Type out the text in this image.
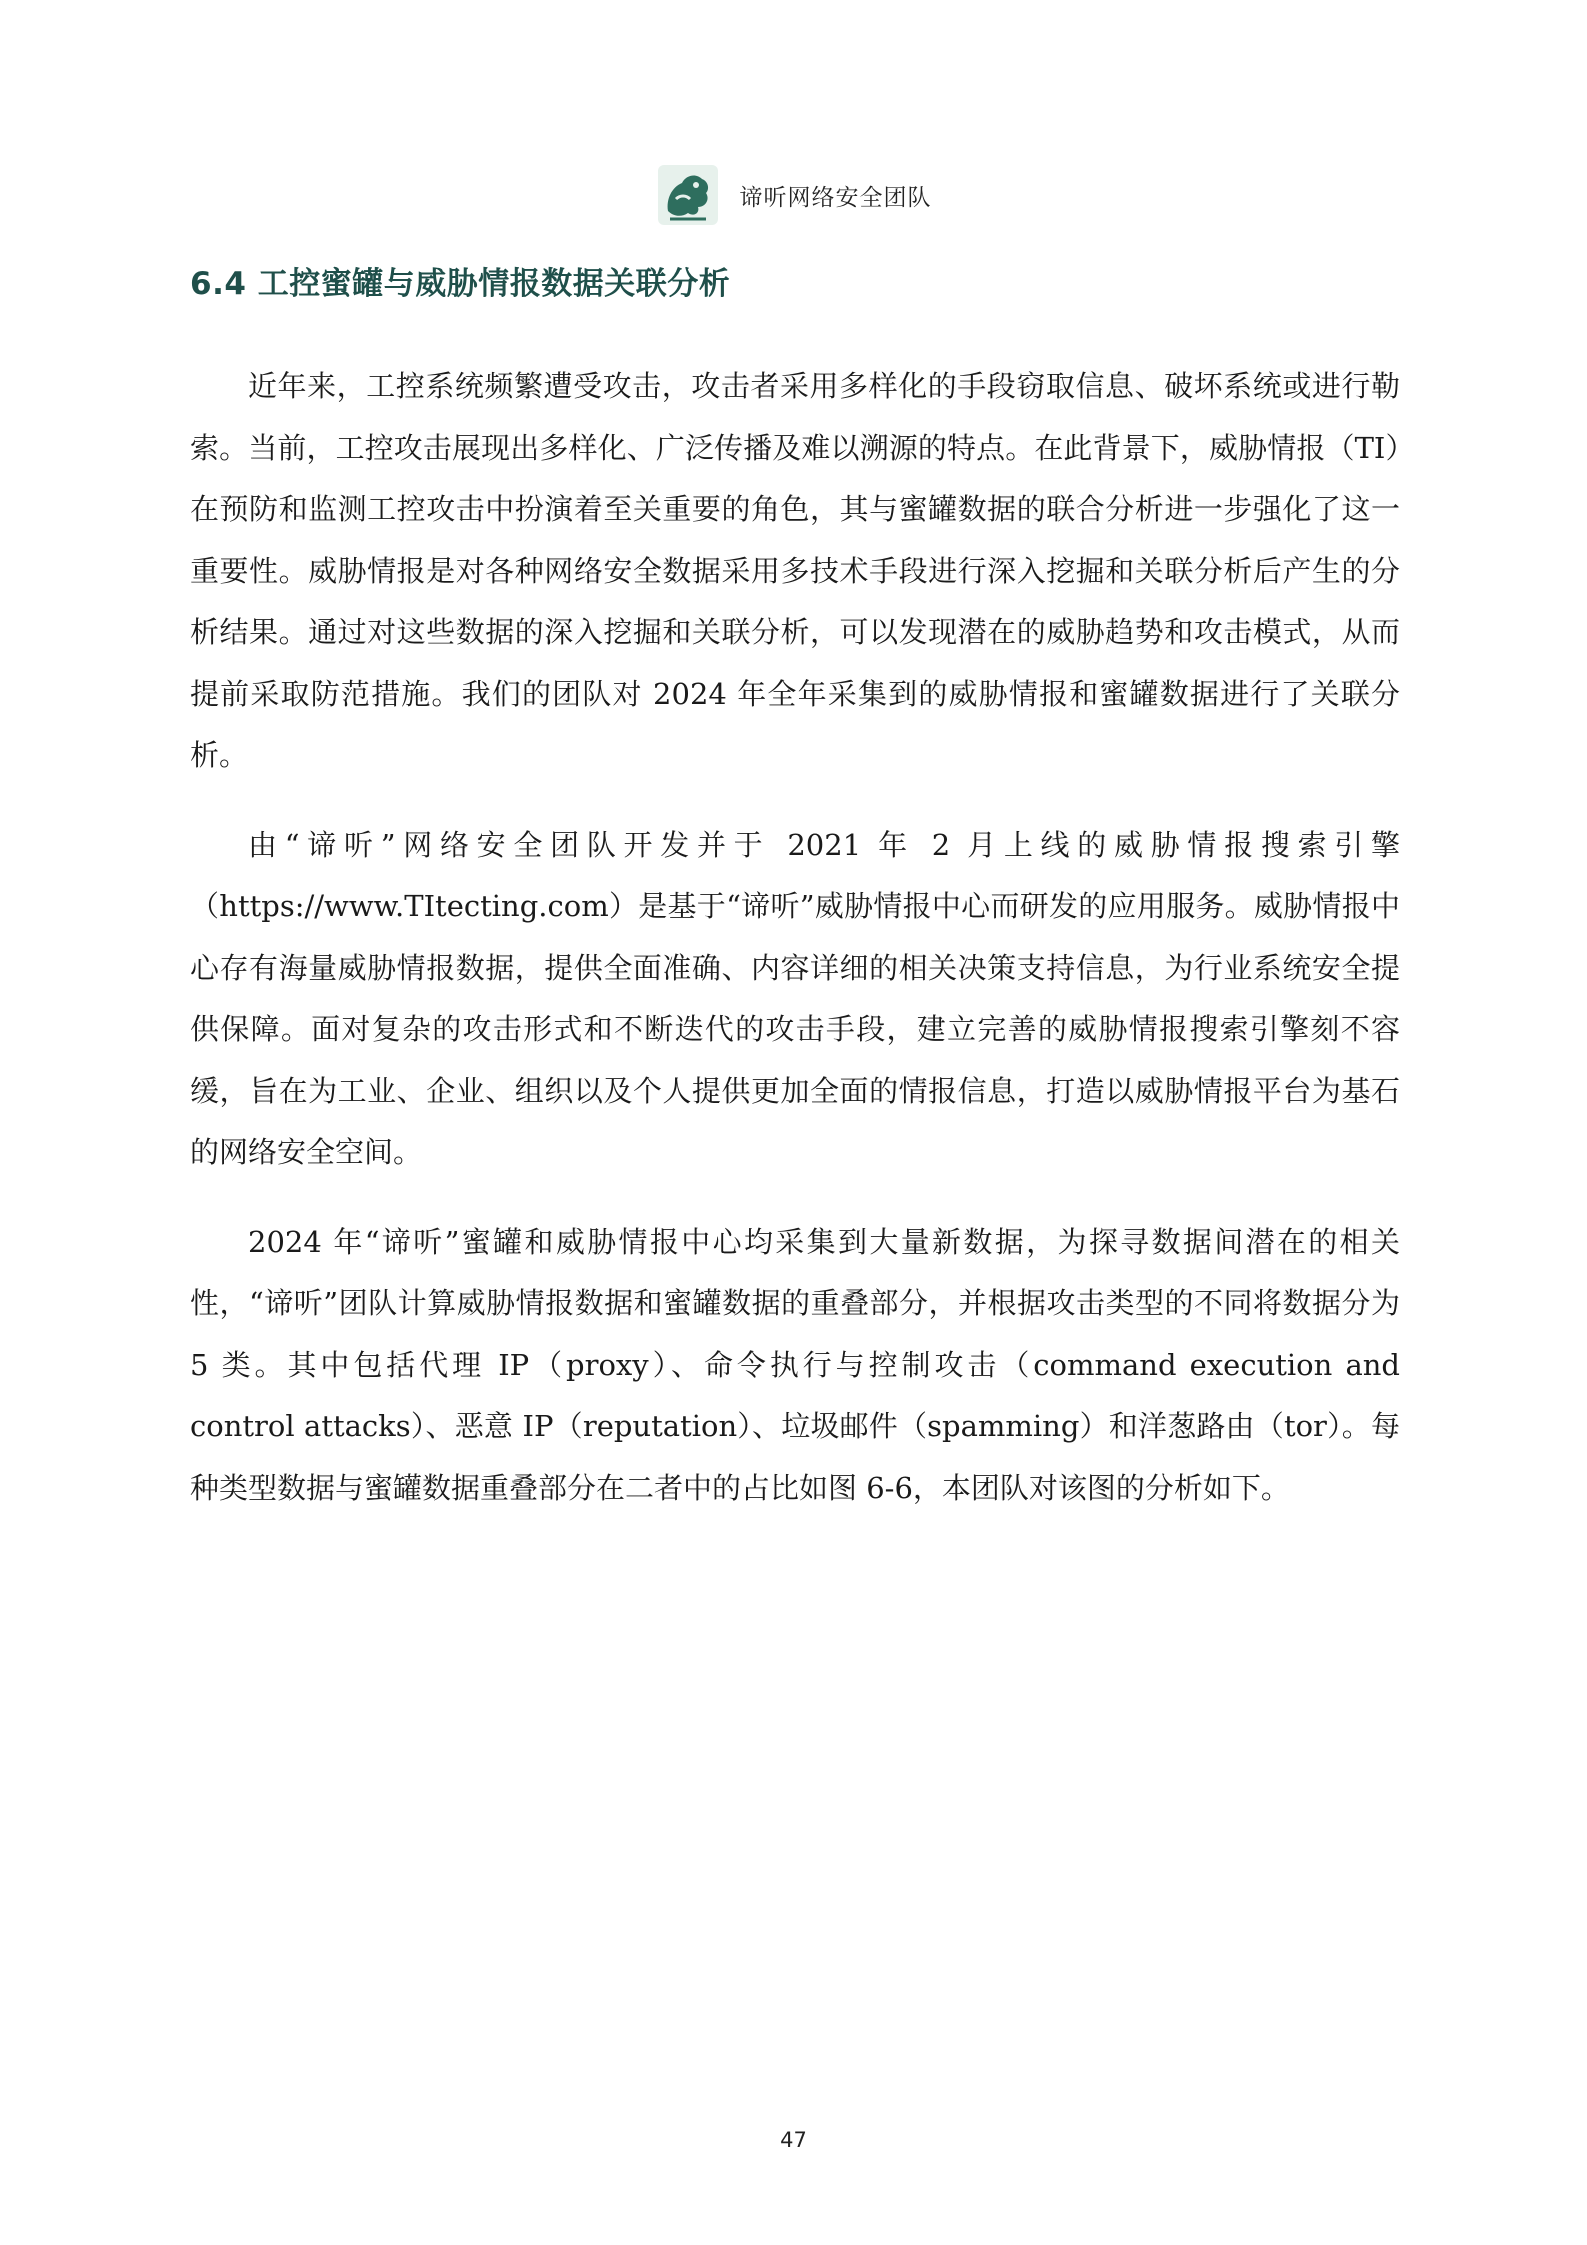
谛听网络安全团队
6.4 工控蜜罐与威胁情报数据关联分析

近年来，工控系统频繁遭受攻击，攻击者采用多样化的手段窃取信息、破坏系统或进行勒索。当前，工控攻击展现出多样化、广泛传播及难以溯源的特点。在此背景下，威胁情报（TI）在预防和监测工控攻击中扮演着至关重要的角色，其与蜜罐数据的联合分析进一步强化了这一重要性。威胁情报是对各种网络安全数据采用多技术手段进行深入挖掘和关联分析后产生的分析结果。通过对这些数据的深入挖掘和关联分析，可以发现潜在的威胁趋势和攻击模式，从而提前采取防范措施。我们的团队对 2024 年全年采集到的威胁情报和蜜罐数据进行了关联分析。

由“谛听”网络安全团队开发并于 2021 年 2 月上线的威胁情报搜索引擎（https://www.TItecting.com）是基于“谛听”威胁情报中心而研发的应用服务。威胁情报中心存有海量威胁情报数据，提供全面准确、内容详细的相关决策支持信息，为行业系统安全提供保障。面对复杂的攻击形式和不断迭代的攻击手段，建立完善的威胁情报搜索引擎刻不容缓，旨在为工业、企业、组织以及个人提供更加全面的情报信息，打造以威胁情报平台为基石的网络安全空间。

2024 年“谛听”蜜罐和威胁情报中心均采集到大量新数据，为探寻数据间潜在的相关性，“谛听”团队计算威胁情报数据和蜜罐数据的重叠部分，并根据攻击类型的不同将数据分为 5 类。其中包括代理 IP（proxy）、命令执行与控制攻击（command execution and control attacks）、恶意 IP（reputation）、垃圾邮件（spamming）和洋葱路由（tor）。每种类型数据与蜜罐数据重叠部分在二者中的占比如图 6-6，本团队对该图的分析如下。

47
